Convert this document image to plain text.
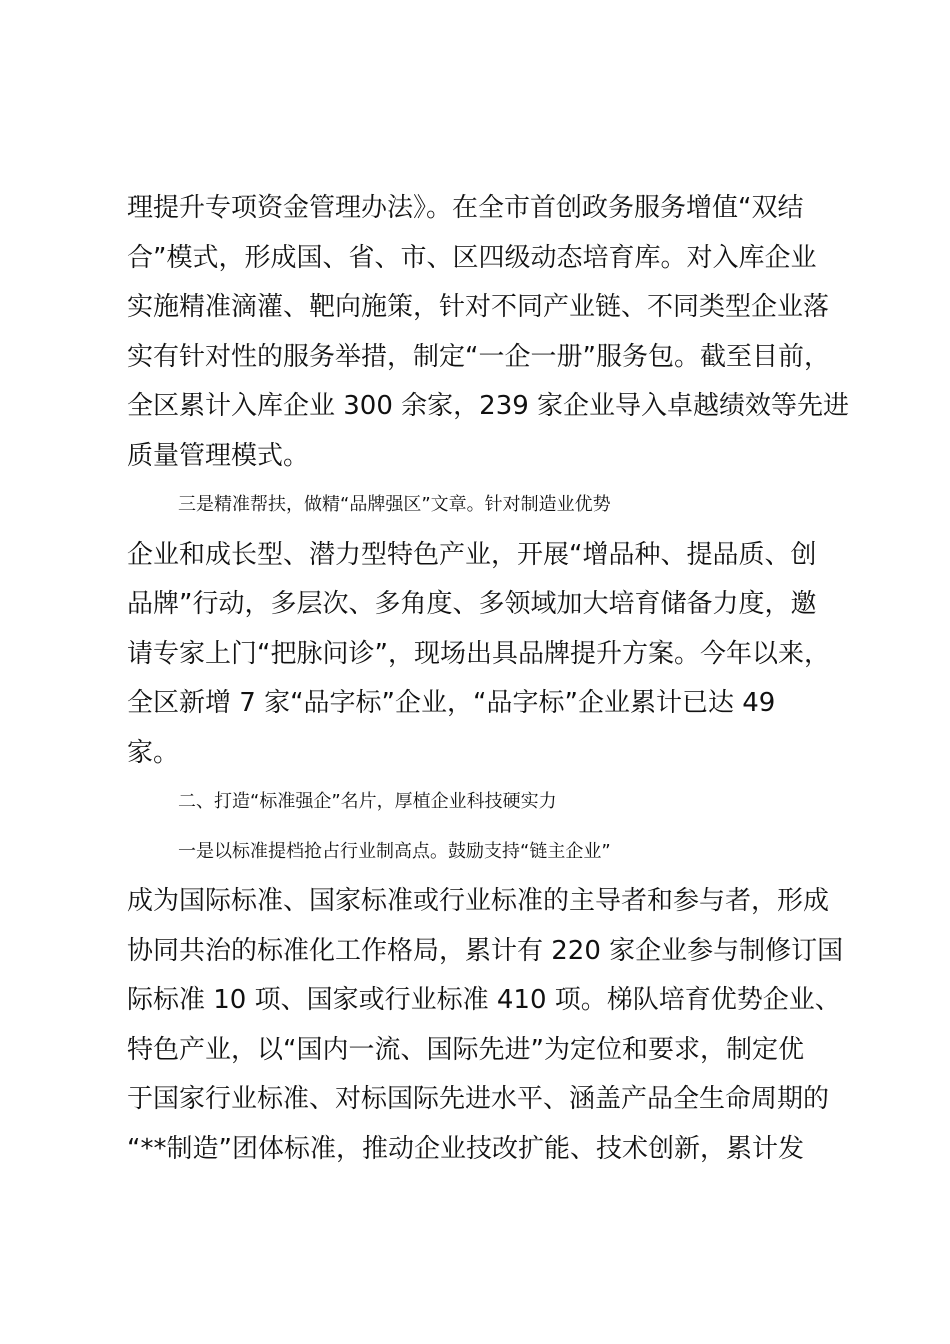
理提升专项资金管理办法》。在全市首创政务服务增值“双结
合”模式，形成国、省、市、区四级动态培育库。对入库企业
实施精准滴灌、靶向施策，针对不同产业链、不同类型企业落
实有针对性的服务举措，制定“一企一册”服务包。截至目前，
全区累计入库企业 300 余家，239 家企业导入卓越绩效等先进
质量管理模式。
三是精准帮扶，做精“品牌强区”文章。针对制造业优势
企业和成长型、潜力型特色产业，开展“增品种、提品质、创
品牌”行动，多层次、多角度、多领域加大培育储备力度，邀
请专家上门“把脉问诊”，现场出具品牌提升方案。今年以来，
全区新增 7 家“品字标”企业，“品字标”企业累计已达 49
家。
二、打造“标准强企”名片，厚植企业科技硬实力
一是以标准提档抢占行业制高点。鼓励支持“链主企业”
成为国际标准、国家标准或行业标准的主导者和参与者，形成
协同共治的标准化工作格局，累计有 220 家企业参与制修订国
际标准 10 项、国家或行业标准 410 项。梯队培育优势企业、
特色产业，以“国内一流、国际先进”为定位和要求，制定优
于国家行业标准、对标国际先进水平、涵盖产品全生命周期的
“**制造”团体标准，推动企业技改扩能、技术创新，累计发
